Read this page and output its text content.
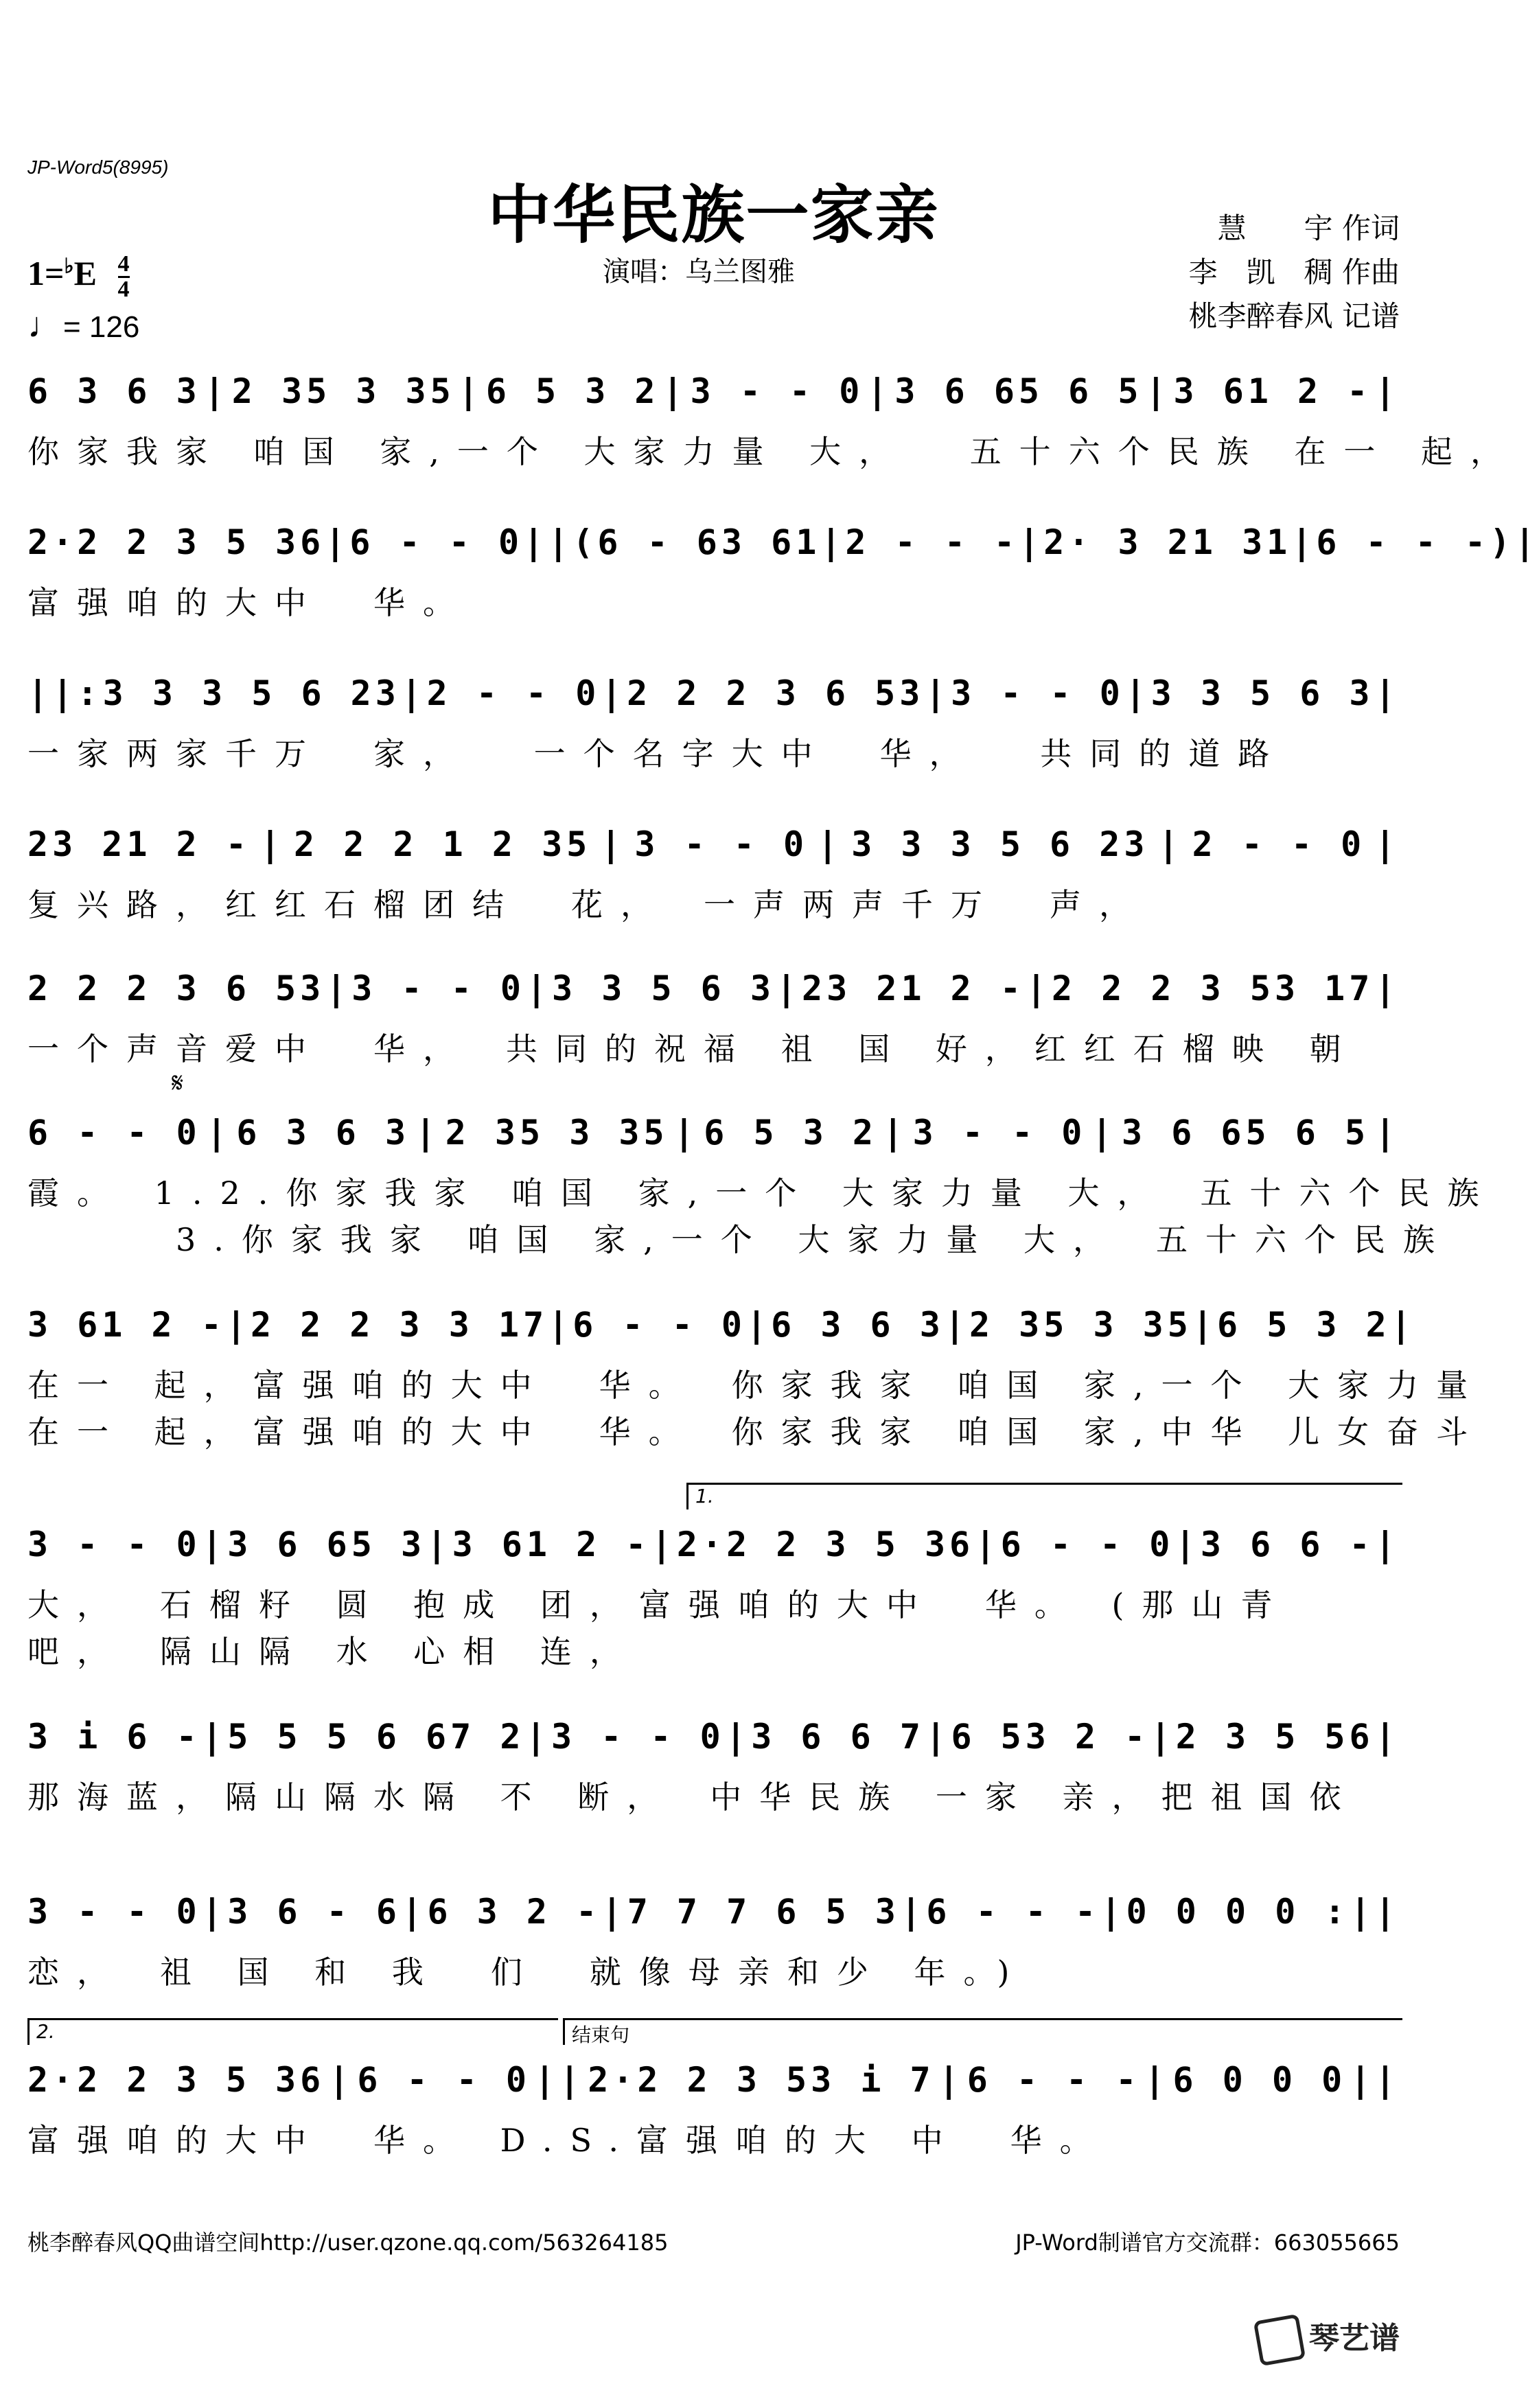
JP-Word5(8995)
中华民族一家亲
演唱：乌兰图雅
慧　　宇 作词
李　凯　稠 作曲
桃李醉春风 记谱
$1=^♭E \frac{4}{4}$
♩= 126
6 3 6 3 | 2 35 3 35 | 6 5 3 2 | 3 - - 0 | 3 6 65 6 5 | 3 61 2 - |
你家我家 咱国 家,一个 大家力量 大，　 五十六个民族 在一 起，
2·2 2 3 5 36 | 6 - - 0 || (6 - 63 61 | 2 - - - | 2· 3 21 31 | 6 - - -) |
富强咱的大中　华。
||: 3 3 3 5 6 23 | 2 - - 0 | 2 2 2 3 6 53 | 3 - - 0 | 3 3 5 6 3 |
一家两家千万　家，　 一个名字大中　华，　 共同的道路
23 21 2 - | 2 2 2 1 2 35 | 3 - - 0 | 3 3 3 5 6 23 | 2 - - 0 |
复兴路，红红石榴团结　花，　一声两声千万　声，
2 2 2 3 6 53 | 3 - - 0 | 3 3 5 6 3 | 23 21 2 - | 2 2 2 3 53 17 |
一个声音爱中　华，　共同的祝福 祖 国 好，红红石榴映 朝
𝄋
6 - - 0 | 6 3 6 3 | 2 35 3 35 | 6 5 3 2 | 3 - - 0 | 3 6 65 6 5 |
霞。 1.2.你家我家 咱国 家,一个 大家力量 大，　五十六个民族
　　　3.你家我家 咱国 家,一个 大家力量 大，　五十六个民族
3 61 2 - | 2 2 2 3 3 17 | 6 - - 0 | 6 3 6 3 | 2 35 3 35 | 6 5 3 2 |
在一 起，富强咱的大中　华。　你家我家 咱国 家,一个 大家力量
在一 起，富强咱的大中　华。　你家我家 咱国 家,中华 儿女奋斗
1.
3 - - 0 | 3 6 65 3 | 3 61 2 - | 2·2 2 3 5 36 | 6 - - 0 | 3 6 6 - |
大，　石榴籽 圆 抱成 团，富强咱的大中　华。 (那山青
吧，　隔山隔 水 心相 连，
3 i 6 - | 5 5 5 6 67 2 | 3 - - 0 | 3 6 6 7 | 6 53 2 - | 2 3 5 56 |
那海蓝，隔山隔水隔 不 断，　中华民族 一家 亲，把祖国依
3 - - 0 | 3 6 - 6 | 6 3 2 - | 7 7 7 6 5 3 | 6 - - - | 0 0 0 0 : ||
恋，　祖 国 和 我　们　就像母亲和少 年。)
2.	结束句
2·2 2 3 5 36 | 6 - - 0 || 2·2 2 3 53 i 7 | 6 - - - | 6 0 0 0 ||
富强咱的大中　华。 D.S.富强咱的大 中　华。
桃李醉春风QQ曲谱空间http://user.qzone.qq.com/563264185	JP-Word制谱官方交流群：663055665
琴艺谱
